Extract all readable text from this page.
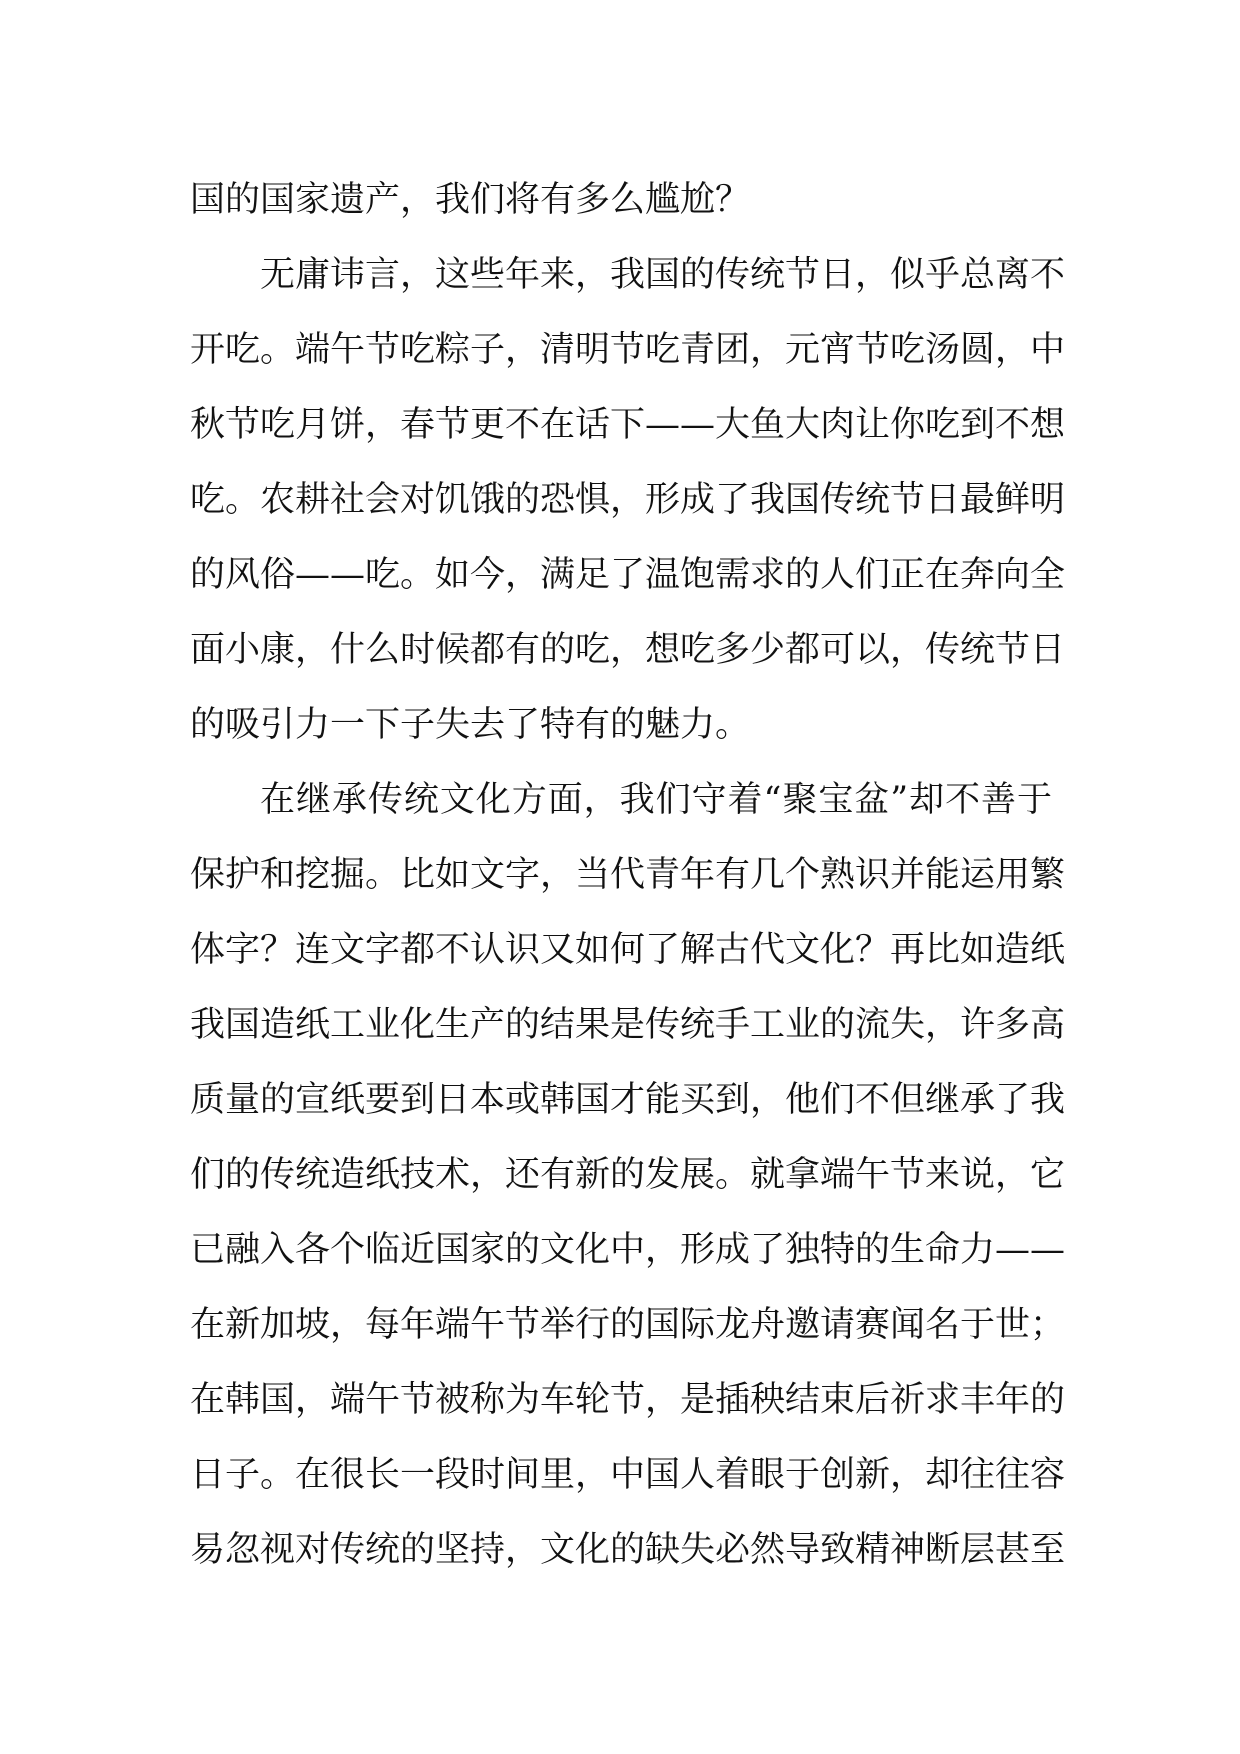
国的国家遗产，我们将有多么尴尬？
无庸讳言，这些年来，我国的传统节日，似乎总离不
开吃。端午节吃粽子，清明节吃青团，元宵节吃汤圆，中
秋节吃月饼，春节更不在话下——大鱼大肉让你吃到不想
吃。农耕社会对饥饿的恐惧，形成了我国传统节日最鲜明
的风俗——吃。如今，满足了温饱需求的人们正在奔向全
面小康，什么时候都有的吃，想吃多少都可以，传统节日
的吸引力一下子失去了特有的魅力。
在继承传统文化方面，我们守着“聚宝盆”却不善于
保护和挖掘。比如文字，当代青年有几个熟识并能运用繁
体字？连文字都不认识又如何了解古代文化？再比如造纸
我国造纸工业化生产的结果是传统手工业的流失，许多高
质量的宣纸要到日本或韩国才能买到，他们不但继承了我
们的传统造纸技术，还有新的发展。就拿端午节来说，它
已融入各个临近国家的文化中，形成了独特的生命力——
在新加坡，每年端午节举行的国际龙舟邀请赛闻名于世；
在韩国，端午节被称为车轮节，是插秧结束后祈求丰年的
日子。在很长一段时间里，中国人着眼于创新，却往往容
易忽视对传统的坚持，文化的缺失必然导致精神断层甚至
